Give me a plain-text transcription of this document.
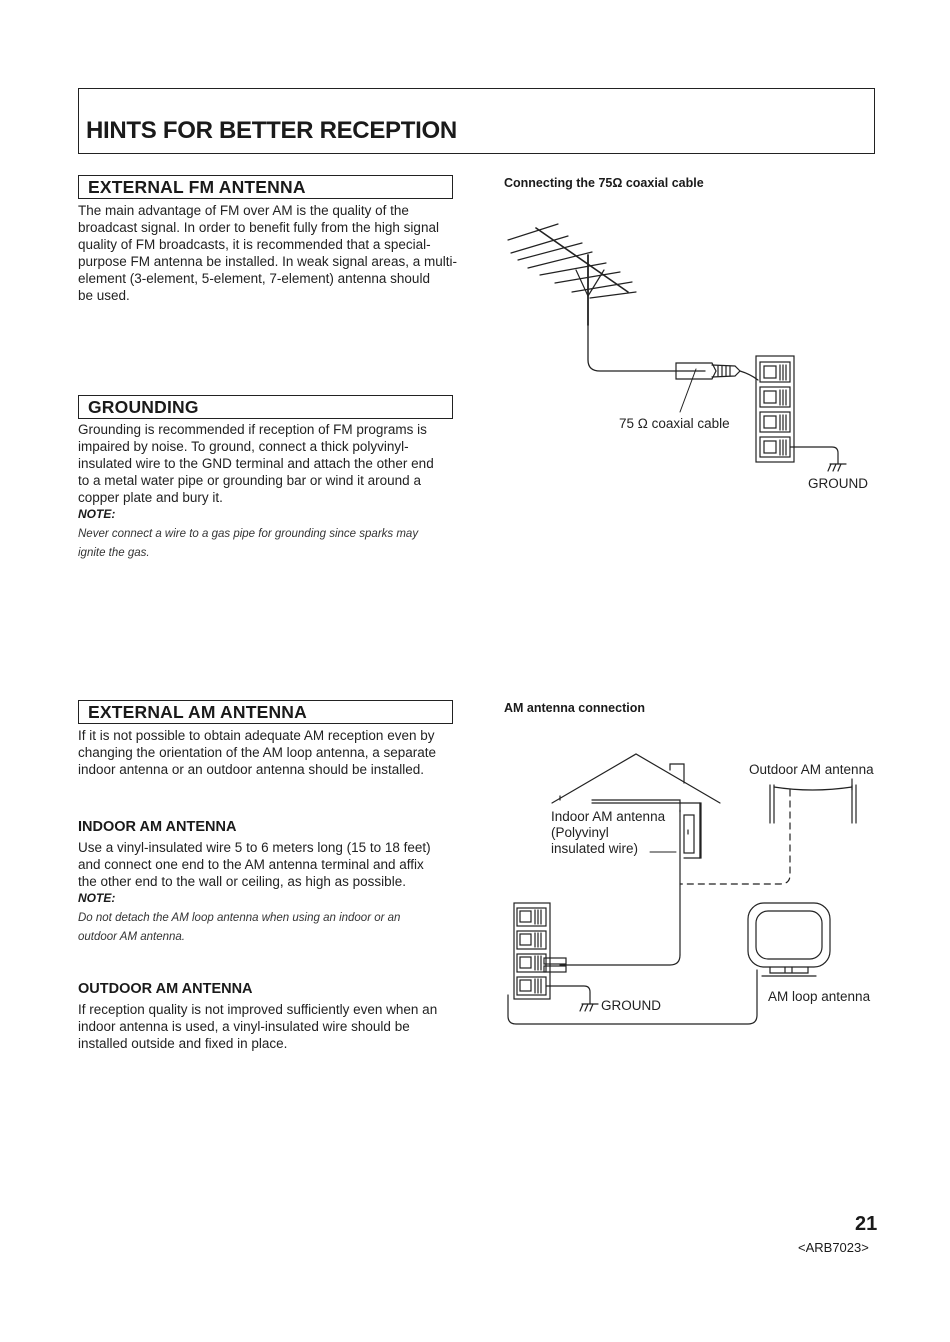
HINTS FOR BETTER RECEPTION
EXTERNAL FM ANTENNA
The main advantage of FM over AM is the quality of the
broadcast signal. In order to benefit fully from the high signal
quality of FM broadcasts, it is recommended that a special-
purpose FM antenna be installed. In weak signal areas, a multi-
element (3-element, 5-element, 7-element) antenna should
be used.
GROUNDING
Grounding is recommended if reception of FM programs is
impaired by noise. To ground, connect a thick polyvinyl-
insulated wire to the GND terminal and attach the other end
to a metal water pipe or grounding bar or wind it around a
copper plate and bury it.
NOTE:
Never connect a wire to a gas pipe for grounding since sparks may
ignite the gas.
EXTERNAL AM ANTENNA
If it is not possible to obtain adequate AM reception even by
changing the orientation of the AM loop antenna, a separate
indoor antenna or an outdoor antenna should be installed.
INDOOR AM ANTENNA
Use a vinyl-insulated wire 5 to 6 meters long (15 to 18 feet)
and connect one end to the AM antenna terminal and affix
the other end to the wall or ceiling, as high as possible.
NOTE:
Do not detach the AM loop antenna when using an indoor or an
outdoor AM antenna.
OUTDOOR AM ANTENNA
If reception quality is not improved sufficiently even when an
indoor antenna is used, a vinyl-insulated wire should be
installed outside and fixed in place.
Connecting the 75Ω coaxial cable
AM antenna connection
75 Ω coaxial cable
GROUND
Outdoor AM antenna
Indoor AM antenna
(Polyvinyl
insulated wire)
GROUND
AM loop antenna
21
<ARB7023>
